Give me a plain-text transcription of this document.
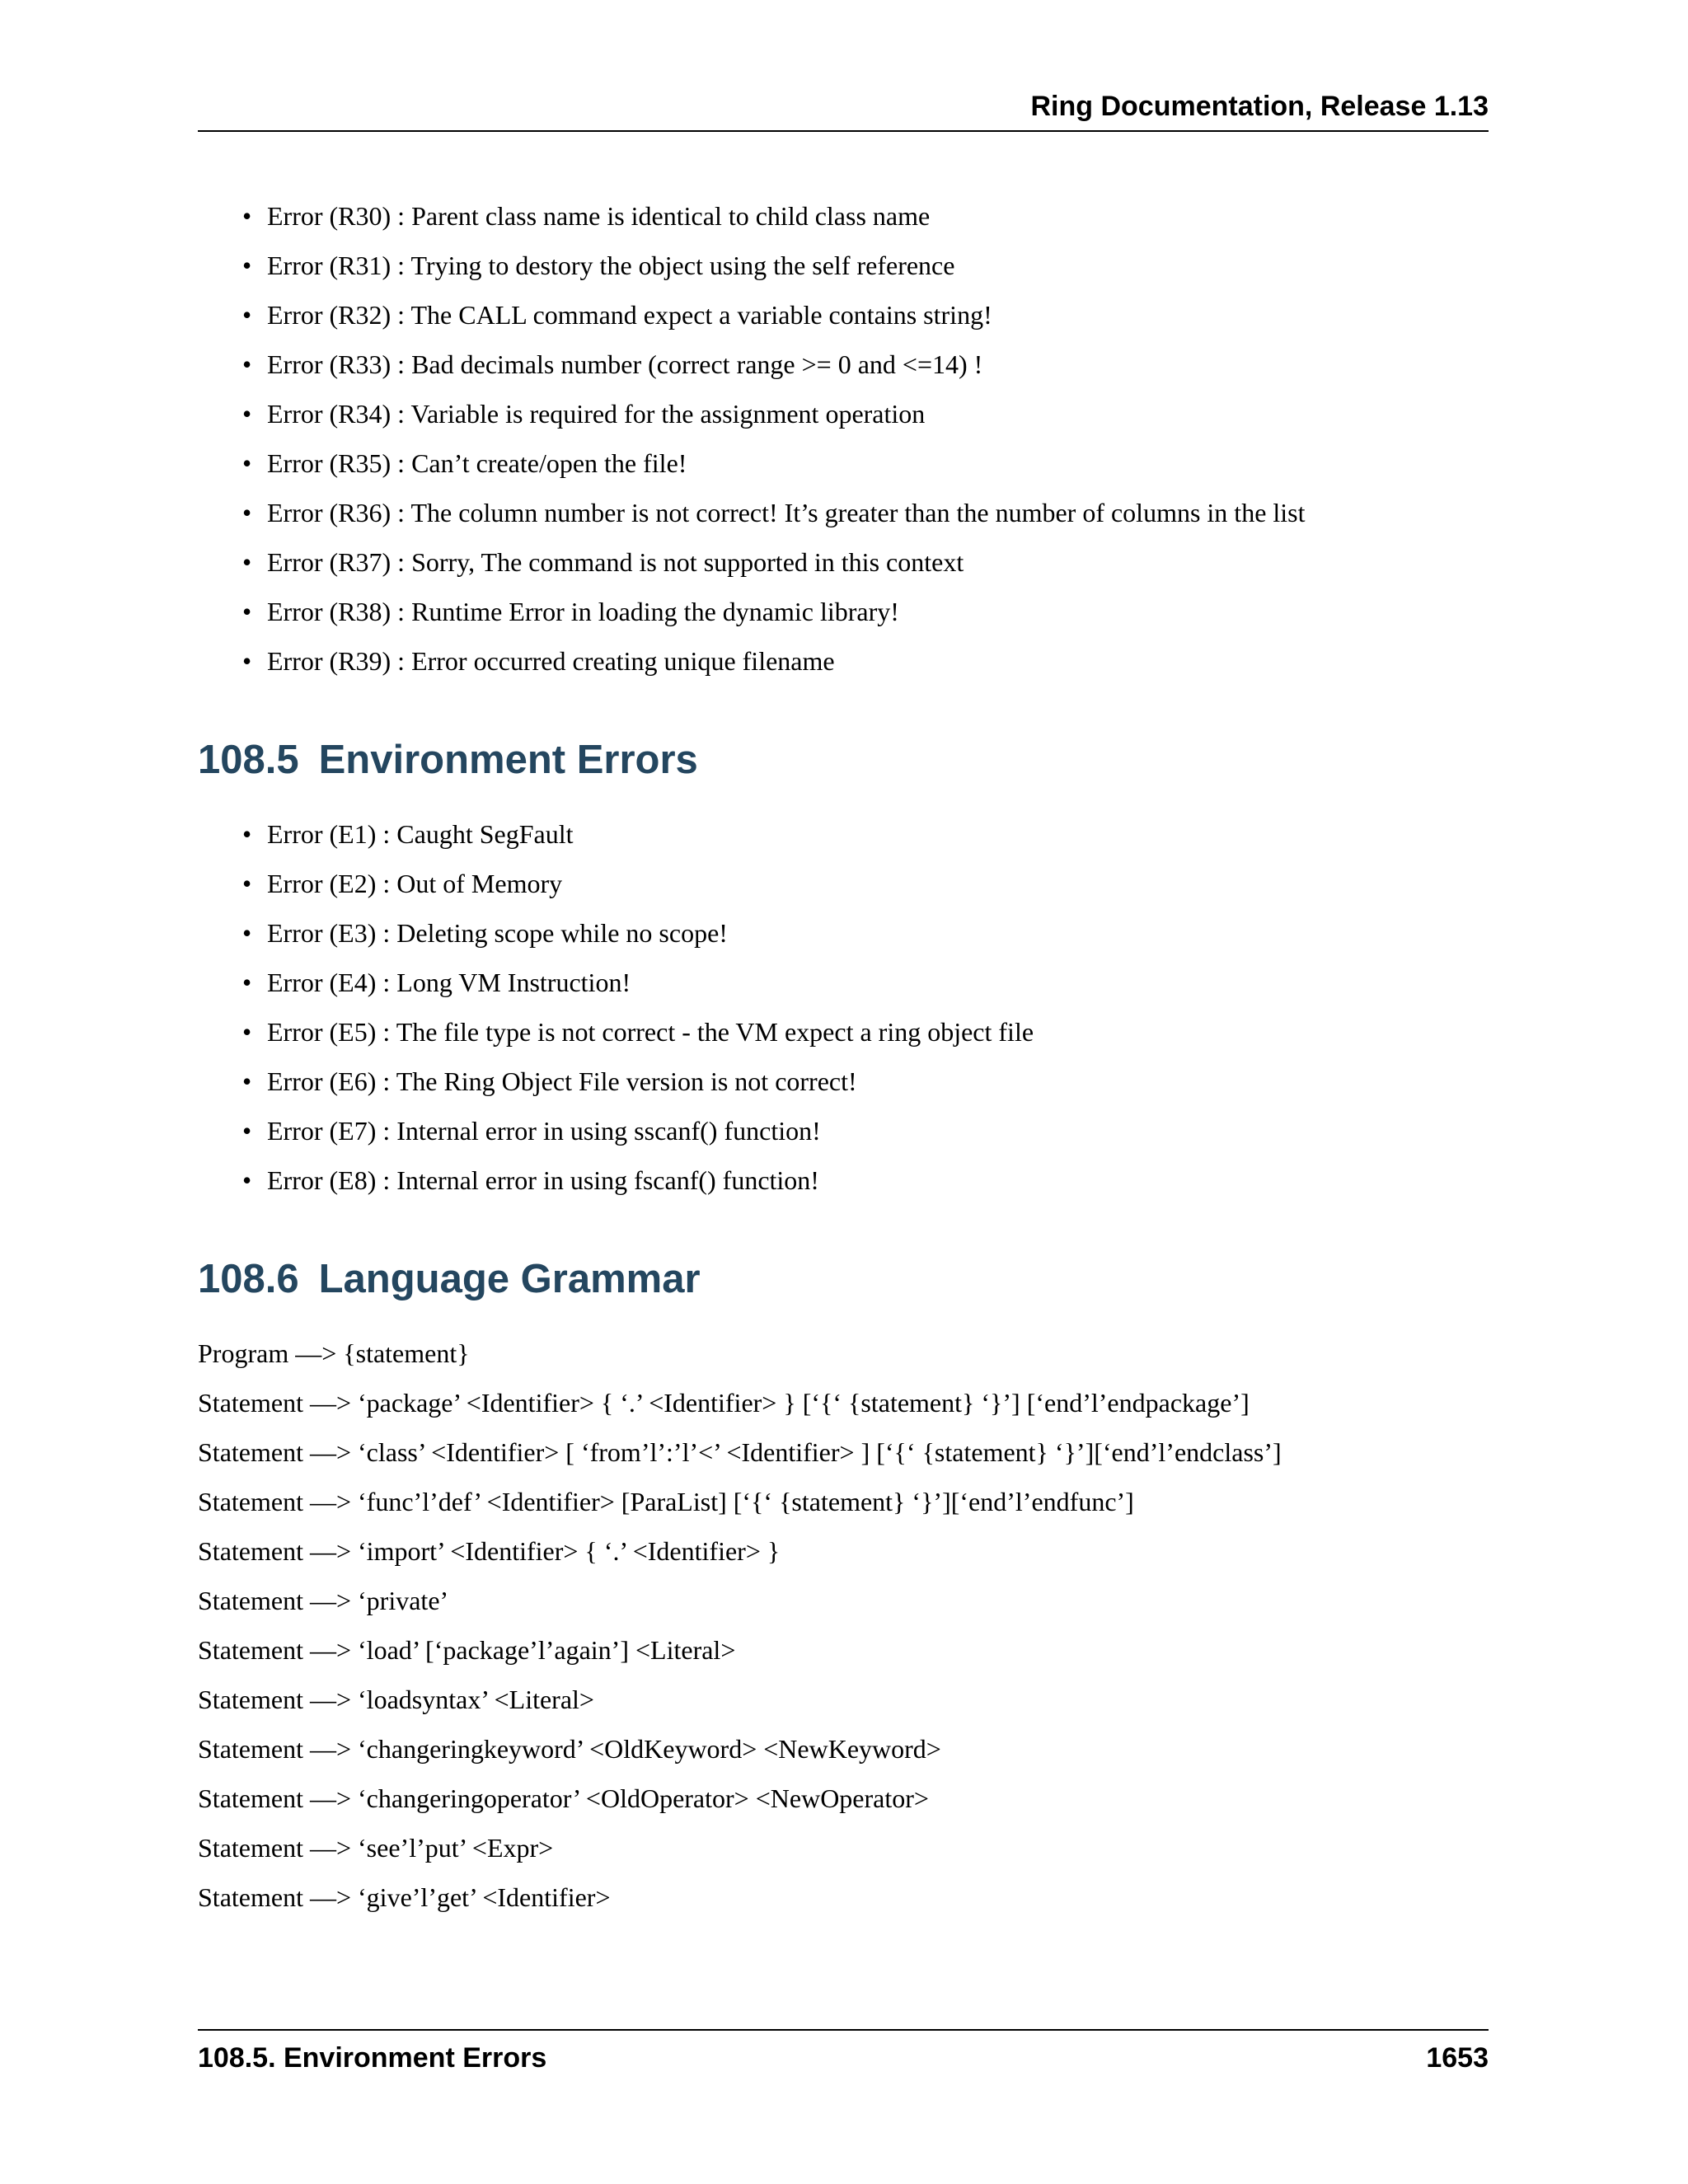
Ring Documentation, Release 1.13
• Error (R30) : Parent class name is identical to child class name
• Error (R31) : Trying to destory the object using the self reference
• Error (R32) : The CALL command expect a variable contains string!
• Error (R33) : Bad decimals number (correct range >= 0 and <=14) !
• Error (R34) : Variable is required for the assignment operation
• Error (R35) : Can’t create/open the file!
• Error (R36) : The column number is not correct! It’s greater than the number of columns in the list
• Error (R37) : Sorry, The command is not supported in this context
• Error (R38) : Runtime Error in loading the dynamic library!
• Error (R39) : Error occurred creating unique filename
108.5 Environment Errors
• Error (E1) : Caught SegFault
• Error (E2) : Out of Memory
• Error (E3) : Deleting scope while no scope!
• Error (E4) : Long VM Instruction!
• Error (E5) : The file type is not correct - the VM expect a ring object file
• Error (E6) : The Ring Object File version is not correct!
• Error (E7) : Internal error in using sscanf() function!
• Error (E8) : Internal error in using fscanf() function!
108.6 Language Grammar
Program —> {statement}
Statement —> ‘package’ <Identifier> { ‘.’ <Identifier> } [‘{‘ {statement} ‘}’] [‘end’l’endpackage’]
Statement —> ‘class’ <Identifier> [ ‘from’l’:’l’<’ <Identifier> ] [‘{‘ {statement} ‘}’][‘end’l’endclass’]
Statement —> ‘func’l’def’ <Identifier> [ParaList] [‘{‘ {statement} ‘}’][‘end’l’endfunc’]
Statement —> ‘import’ <Identifier> { ‘.’ <Identifier> }
Statement —> ‘private’
Statement —> ‘load’ [‘package’l’again’] <Literal>
Statement —> ‘loadsyntax’ <Literal>
Statement —> ‘changeringkeyword’ <OldKeyword> <NewKeyword>
Statement —> ‘changeringoperator’ <OldOperator> <NewOperator>
Statement —> ‘see’l’put’ <Expr>
Statement —> ‘give’l’get’ <Identifier>
108.5. Environment Errors	1653
